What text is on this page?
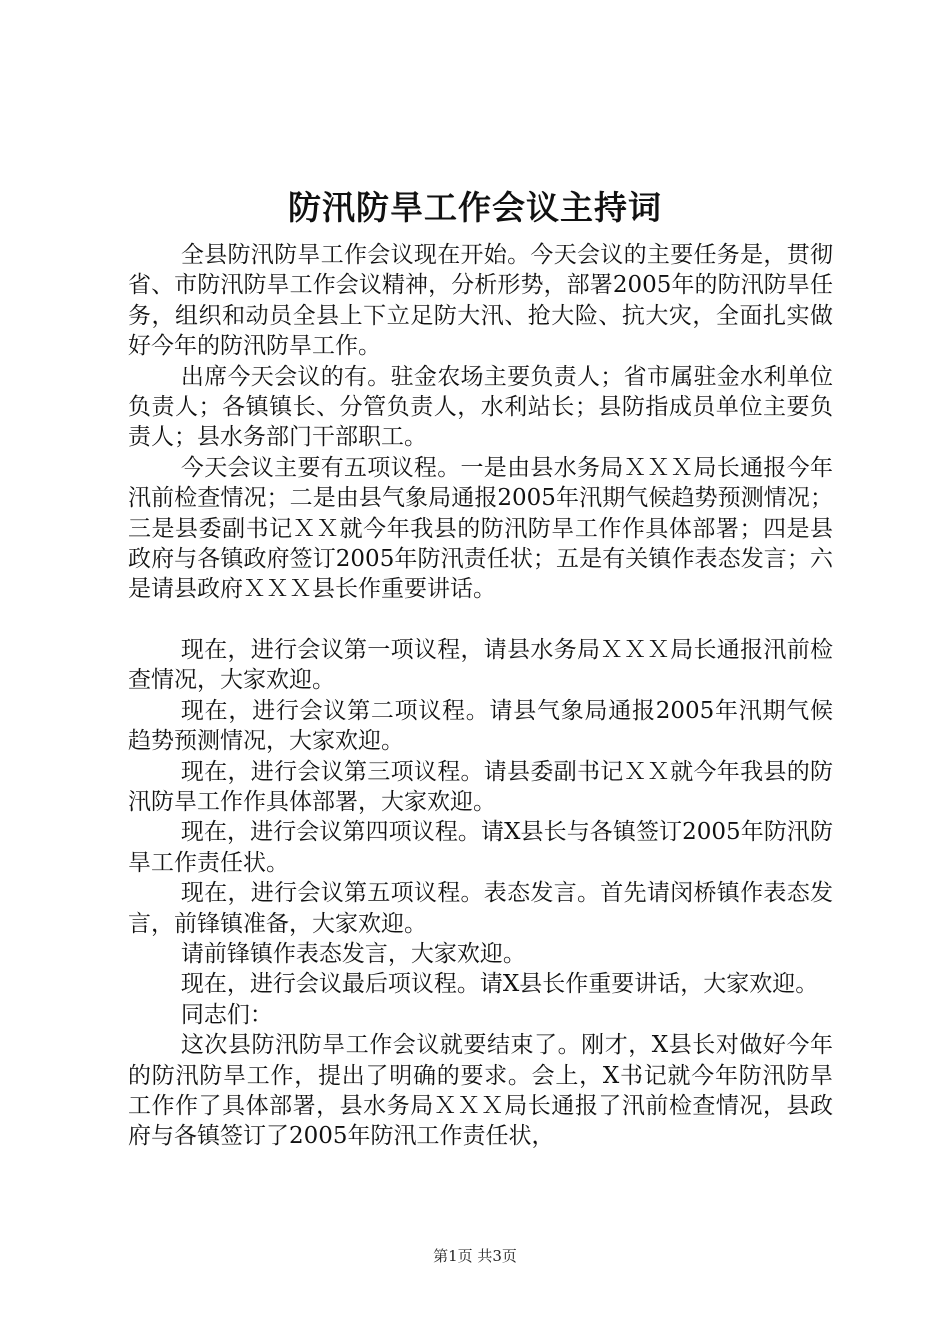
防汛防旱工作会议主持词

全县防汛防旱工作会议现在开始。今天会议的主要任务是，贯彻省、市防汛防旱工作会议精神，分析形势，部署2005年的防汛防旱任务，组织和动员全县上下立足防大汛、抢大险、抗大灾，全面扎实做好今年的防汛防旱工作。

出席今天会议的有。驻金农场主要负责人；省市属驻金水利单位负责人；各镇镇长、分管负责人，水利站长；县防指成员单位主要负责人；县水务部门干部职工。

今天会议主要有五项议程。一是由县水务局ＸＸＸ局长通报今年汛前检查情况；二是由县气象局通报2005年汛期气候趋势预测情况；三是县委副书记ＸＸ就今年我县的防汛防旱工作作具体部署；四是县政府与各镇政府签订2005年防汛责任状；五是有关镇作表态发言；六是请县政府ＸＸＸ县长作重要讲话。

现在，进行会议第一项议程，请县水务局ＸＸＸ局长通报汛前检查情况，大家欢迎。

现在，进行会议第二项议程。请县气象局通报2005年汛期气候趋势预测情况，大家欢迎。

现在，进行会议第三项议程。请县委副书记ＸＸ就今年我县的防汛防旱工作作具体部署，大家欢迎。

现在，进行会议第四项议程。请X县长与各镇签订2005年防汛防旱工作责任状。

现在，进行会议第五项议程。表态发言。首先请闵桥镇作表态发言，前锋镇准备，大家欢迎。

请前锋镇作表态发言，大家欢迎。

现在，进行会议最后项议程。请X县长作重要讲话，大家欢迎。

同志们：

这次县防汛防旱工作会议就要结束了。刚才，X县长对做好今年的防汛防旱工作，提出了明确的要求。会上，X书记就今年防汛防旱工作作了具体部署，县水务局ＸＸＸ局长通报了汛前检查情况，县政府与各镇签订了2005年防汛工作责任状，

第1页 共3页
